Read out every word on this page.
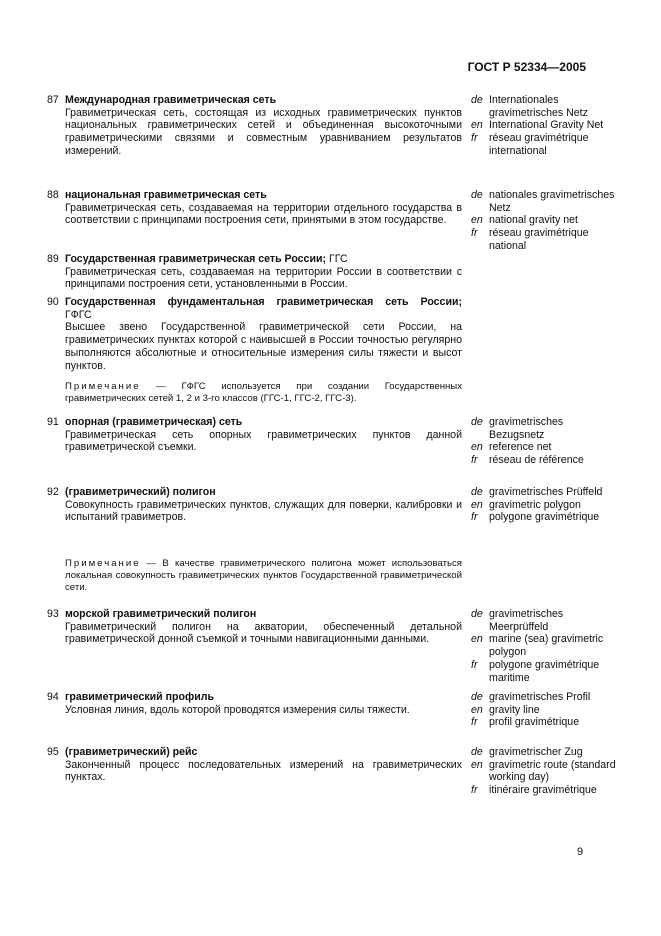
ГОСТ Р 52334—2005
87 Международная гравиметрическая сеть
Гравиметрическая сеть, состоящая из исходных гравиметрических пунктов национальных гравиметрических сетей и объединенная высокоточными гравиметрическими связями и совместным уравниванием результатов измерений.
de Internationales gravimetrisches Netz
en International Gravity Net
fr	réseau gravimétrique international
88 национальная гравиметрическая сеть
Гравиметрическая сеть, создаваемая на территории отдельного государства в соответствии с принципами построения сети, принятыми в этом государстве.
de nationales gravimetrisches Netz
en national gravity net
fr	réseau gravimétrique national
89 Государственная гравиметрическая сеть России; ГГС
Гравиметрическая сеть, создаваемая на территории России в соответствии с принципами построения сети, установленными в России.
90 Государственная фундаментальная гравиметрическая сеть России;
ГФГС
Высшее звено Государственной гравиметрической сети России, на гравиметрических пунктах которой с наивысшей в России точностью регулярно выполняются абсолютные и относительные измерения силы тяжести и высот пунктов.
Примечание — ГФГС используется при создании Государственных гравиметрических сетей 1, 2 и 3-го классов (ГГС-1, ГГС-2, ГГС-3).
91 опорная (гравиметрическая) сеть
Гравиметрическая сеть опорных гравиметрических пунктов данной гравиметрической съемки.
de gravimetrisches Bezugsnetz
en reference net
fr	réseau de référence
92 (гравиметрический) полигон
Совокупность гравиметрических пунктов, служащих для поверки, калибровки и испытаний гравиметров.
Примечание — В качестве гравиметрического полигона может использоваться локальная совокупность гравиметрических пунктов Государственной гравиметрической сети.
de gravimetrisches Prüffeld
en gravimetric polygon
fr	polygone gravimétrique
93 морской гравиметрический полигон
Гравиметрический полигон на акватории, обеспеченный детальной гравиметрической донной съемкой и точными навигационными данными.
de gravimetrisches Meerprüffeld
en marine (sea) gravimetric polygon
fr	polygone gravimétrique maritime
94 гравиметрический профиль
Условная линия, вдоль которой проводятся измерения силы тяжести.
de gravimetrisches Profil
en gravity line
fr	profil gravimétrique
95 (гравиметрический) рейс
Законченный процесс последовательных измерений на гравиметрических пунктах.
de gravimetrischer Zug
en gravimetric route (standard working day)
fr	itinéraire gravimétrique
9
